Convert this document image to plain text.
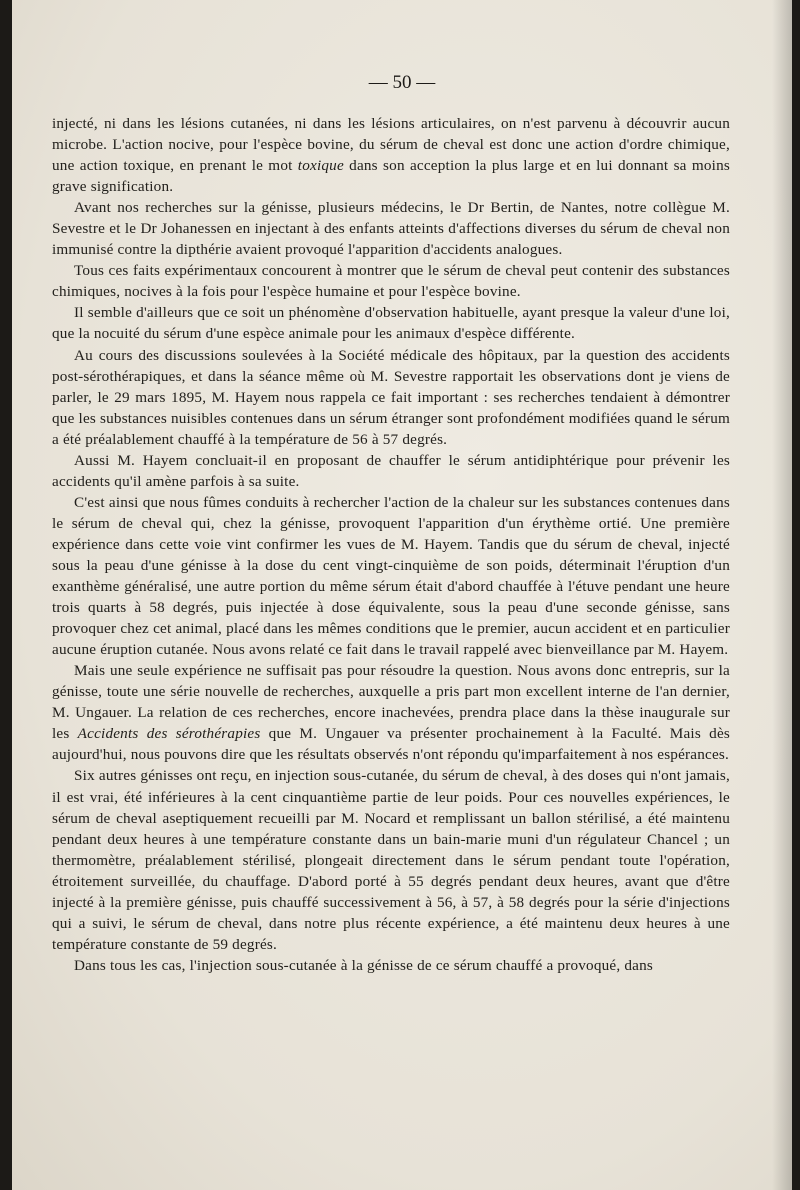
— 50 —

injecté, ni dans les lésions cutanées, ni dans les lésions articulaires, on n'est parvenu à découvrir aucun microbe. L'action nocive, pour l'espèce bovine, du sérum de cheval est donc une action d'ordre chimique, une action toxique, en prenant le mot toxique dans son acception la plus large et en lui donnant sa moins grave signification.

Avant nos recherches sur la génisse, plusieurs médecins, le Dr Bertin, de Nantes, notre collègue M. Sevestre et le Dr Johanessen en injectant à des enfants atteints d'affections diverses du sérum de cheval non immunisé contre la dipthérie avaient provoqué l'apparition d'accidents analogues.

Tous ces faits expérimentaux concourent à montrer que le sérum de cheval peut contenir des substances chimiques, nocives à la fois pour l'espèce humaine et pour l'espèce bovine.

Il semble d'ailleurs que ce soit un phénomène d'observation habituelle, ayant presque la valeur d'une loi, que la nocuité du sérum d'une espèce animale pour les animaux d'espèce différente.

Au cours des discussions soulevées à la Société médicale des hôpitaux, par la question des accidents post-sérothérapiques, et dans la séance même où M. Sevestre rapportait les observations dont je viens de parler, le 29 mars 1895, M. Hayem nous rappela ce fait important : ses recherches tendaient à démontrer que les substances nuisibles contenues dans un sérum étranger sont profondément modifiées quand le sérum a été préalablement chauffé à la température de 56 à 57 degrés.

Aussi M. Hayem concluait-il en proposant de chauffer le sérum antidiphtérique pour prévenir les accidents qu'il amène parfois à sa suite.

C'est ainsi que nous fûmes conduits à rechercher l'action de la chaleur sur les substances contenues dans le sérum de cheval qui, chez la génisse, provoquent l'apparition d'un érythème ortié. Une première expérience dans cette voie vint confirmer les vues de M. Hayem. Tandis que du sérum de cheval, injecté sous la peau d'une génisse à la dose du cent vingt-cinquième de son poids, déterminait l'éruption d'un exanthème généralisé, une autre portion du même sérum était d'abord chauffée à l'étuve pendant une heure trois quarts à 58 degrés, puis injectée à dose équivalente, sous la peau d'une seconde génisse, sans provoquer chez cet animal, placé dans les mêmes conditions que le premier, aucun accident et en particulier aucune éruption cutanée. Nous avons relaté ce fait dans le travail rappelé avec bienveillance par M. Hayem.

Mais une seule expérience ne suffisait pas pour résoudre la question. Nous avons donc entrepris, sur la génisse, toute une série nouvelle de recherches, auxquelle a pris part mon excellent interne de l'an dernier, M. Ungauer. La relation de ces recherches, encore inachevées, prendra place dans la thèse inaugurale sur les Accidents des sérothérapies que M. Ungauer va présenter prochainement à la Faculté. Mais dès aujourd'hui, nous pouvons dire que les résultats observés n'ont répondu qu'imparfaitement à nos espérances.

Six autres génisses ont reçu, en injection sous-cutanée, du sérum de cheval, à des doses qui n'ont jamais, il est vrai, été inférieures à la cent cinquantième partie de leur poids. Pour ces nouvelles expériences, le sérum de cheval aseptiquement recueilli par M. Nocard et remplissant un ballon stérilisé, a été maintenu pendant deux heures à une température constante dans un bain-marie muni d'un régulateur Chancel ; un thermomètre, préalablement stérilisé, plongeait directement dans le sérum pendant toute l'opération, étroitement surveillée, du chauffage. D'abord porté à 55 degrés pendant deux heures, avant que d'être injecté à la première génisse, puis chauffé successivement à 56, à 57, à 58 degrés pour la série d'injections qui a suivi, le sérum de cheval, dans notre plus récente expérience, a été maintenu deux heures à une température constante de 59 degrés.

Dans tous les cas, l'injection sous-cutanée à la génisse de ce sérum chauffé a provoqué, dans
